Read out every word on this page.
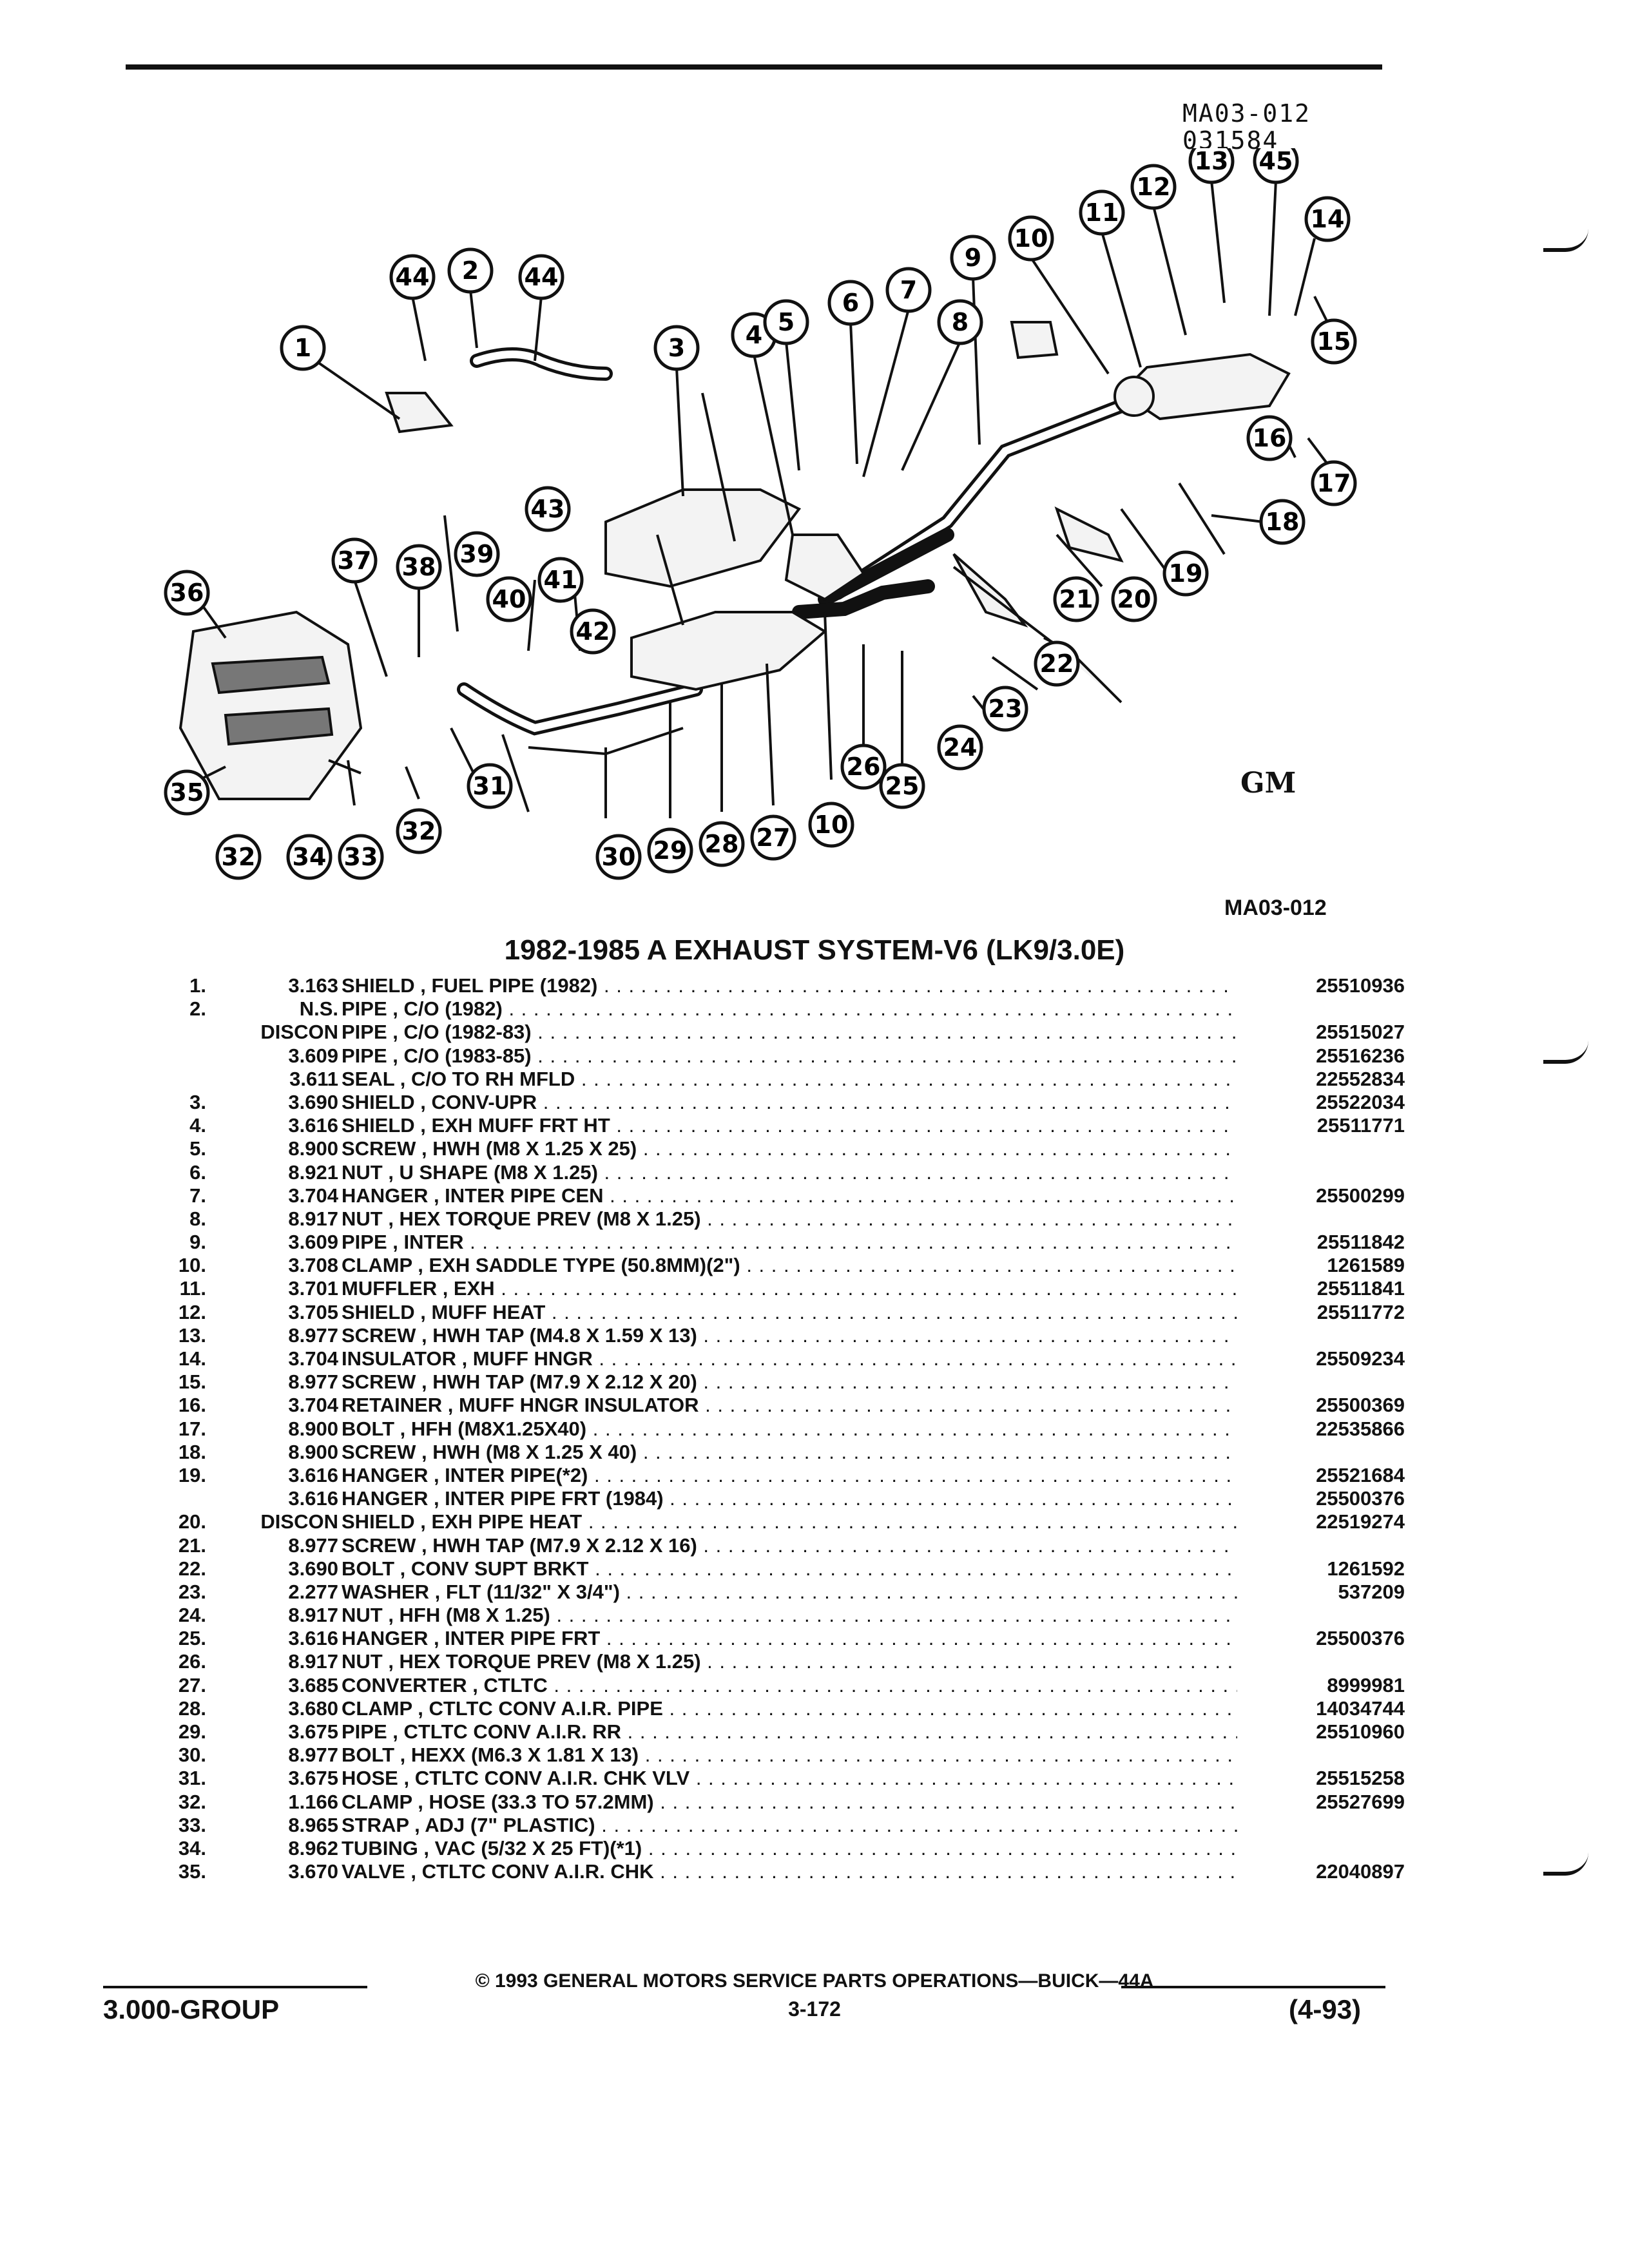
MA03-012
031584
44 2 44
1	3 4 5
6 7
8
9
10
11
12
13 45
14
15
16
17
18
19
20
21
22
23
24
25
26
10
27
28
29
30
31
32
33
34
32
35
36
37 38 39
40
41
42
43
GM
MA03-012
1982-1985 A EXHAUST SYSTEM-V6 (LK9/3.0E)
1.	3.163 SHIELD , FUEL PIPE (1982) . . .	25510936
2.	N.S. PIPE , C/O (1982) . . .
DISCON PIPE , C/O (1982-83) . . .	25515027
3.609 PIPE , C/O (1983-85) . . .	25516236
3.611 SEAL , C/O TO RH MFLD . . .	22552834
3.	3.690 SHIELD , CONV-UPR . . .	25522034
4.	3.616 SHIELD , EXH MUFF FRT HT . . .	25511771
5.	8.900 SCREW , HWH (M8 X 1.25 X 25) . . .
6.	8.921 NUT , U SHAPE (M8 X 1.25) . . .
7.	3.704 HANGER , INTER PIPE CEN . . .	25500299
8.	8.917 NUT , HEX TORQUE PREV (M8 X 1.25) . . .
9.	3.609 PIPE , INTER . . .	25511842
10.	3.708 CLAMP , EXH SADDLE TYPE (50.8MM)(2") . . .	1261589
11.	3.701 MUFFLER , EXH . . .	25511841
12.	3.705 SHIELD , MUFF HEAT . . .	25511772
13.	8.977 SCREW , HWH TAP (M4.8 X 1.59 X 13) . . .
14.	3.704 INSULATOR , MUFF HNGR . . .	25509234
15.	8.977 SCREW , HWH TAP (M7.9 X 2.12 X 20) . . .
16.	3.704 RETAINER , MUFF HNGR INSULATOR . . .	25500369
17.	8.900 BOLT , HFH (M8X1.25X40) . . .	22535866
18.	8.900 SCREW , HWH (M8 X 1.25 X 40) . . .
19.	3.616 HANGER , INTER PIPE(*2) . . .	25521684
3.616 HANGER , INTER PIPE FRT (1984) . . .	25500376
20.	DISCON SHIELD , EXH PIPE HEAT . . .	22519274
21.	8.977 SCREW , HWH TAP (M7.9 X 2.12 X 16) . . .
22.	3.690 BOLT , CONV SUPT BRKT . . .	1261592
23.	2.277 WASHER , FLT (11/32" X 3/4") . . .	537209
24.	8.917 NUT , HFH (M8 X 1.25) . . .
25.	3.616 HANGER , INTER PIPE FRT . . .	25500376
26.	8.917 NUT , HEX TORQUE PREV (M8 X 1.25) . . .
27.	3.685 CONVERTER , CTLTC . . .	8999981
28.	3.680 CLAMP , CTLTC CONV A.I.R. PIPE . . .	14034744
29.	3.675 PIPE , CTLTC CONV A.I.R. RR . . .	25510960
30.	8.977 BOLT , HEXX (M6.3 X 1.81 X 13) . . .
31.	3.675 HOSE , CTLTC CONV A.I.R. CHK VLV . . .	25515258
32.	1.166 CLAMP , HOSE (33.3 TO 57.2MM) . . .	25527699
33.	8.965 STRAP , ADJ (7" PLASTIC) . . .
34.	8.962 TUBING , VAC (5/32 X 25 FT)(*1) . . .
35.	3.670 VALVE , CTLTC CONV A.I.R. CHK . . .	22040897
© 1993 GENERAL MOTORS SERVICE PARTS OPERATIONS—BUICK—44A
3.000-GROUP	3-172	(4-93)
